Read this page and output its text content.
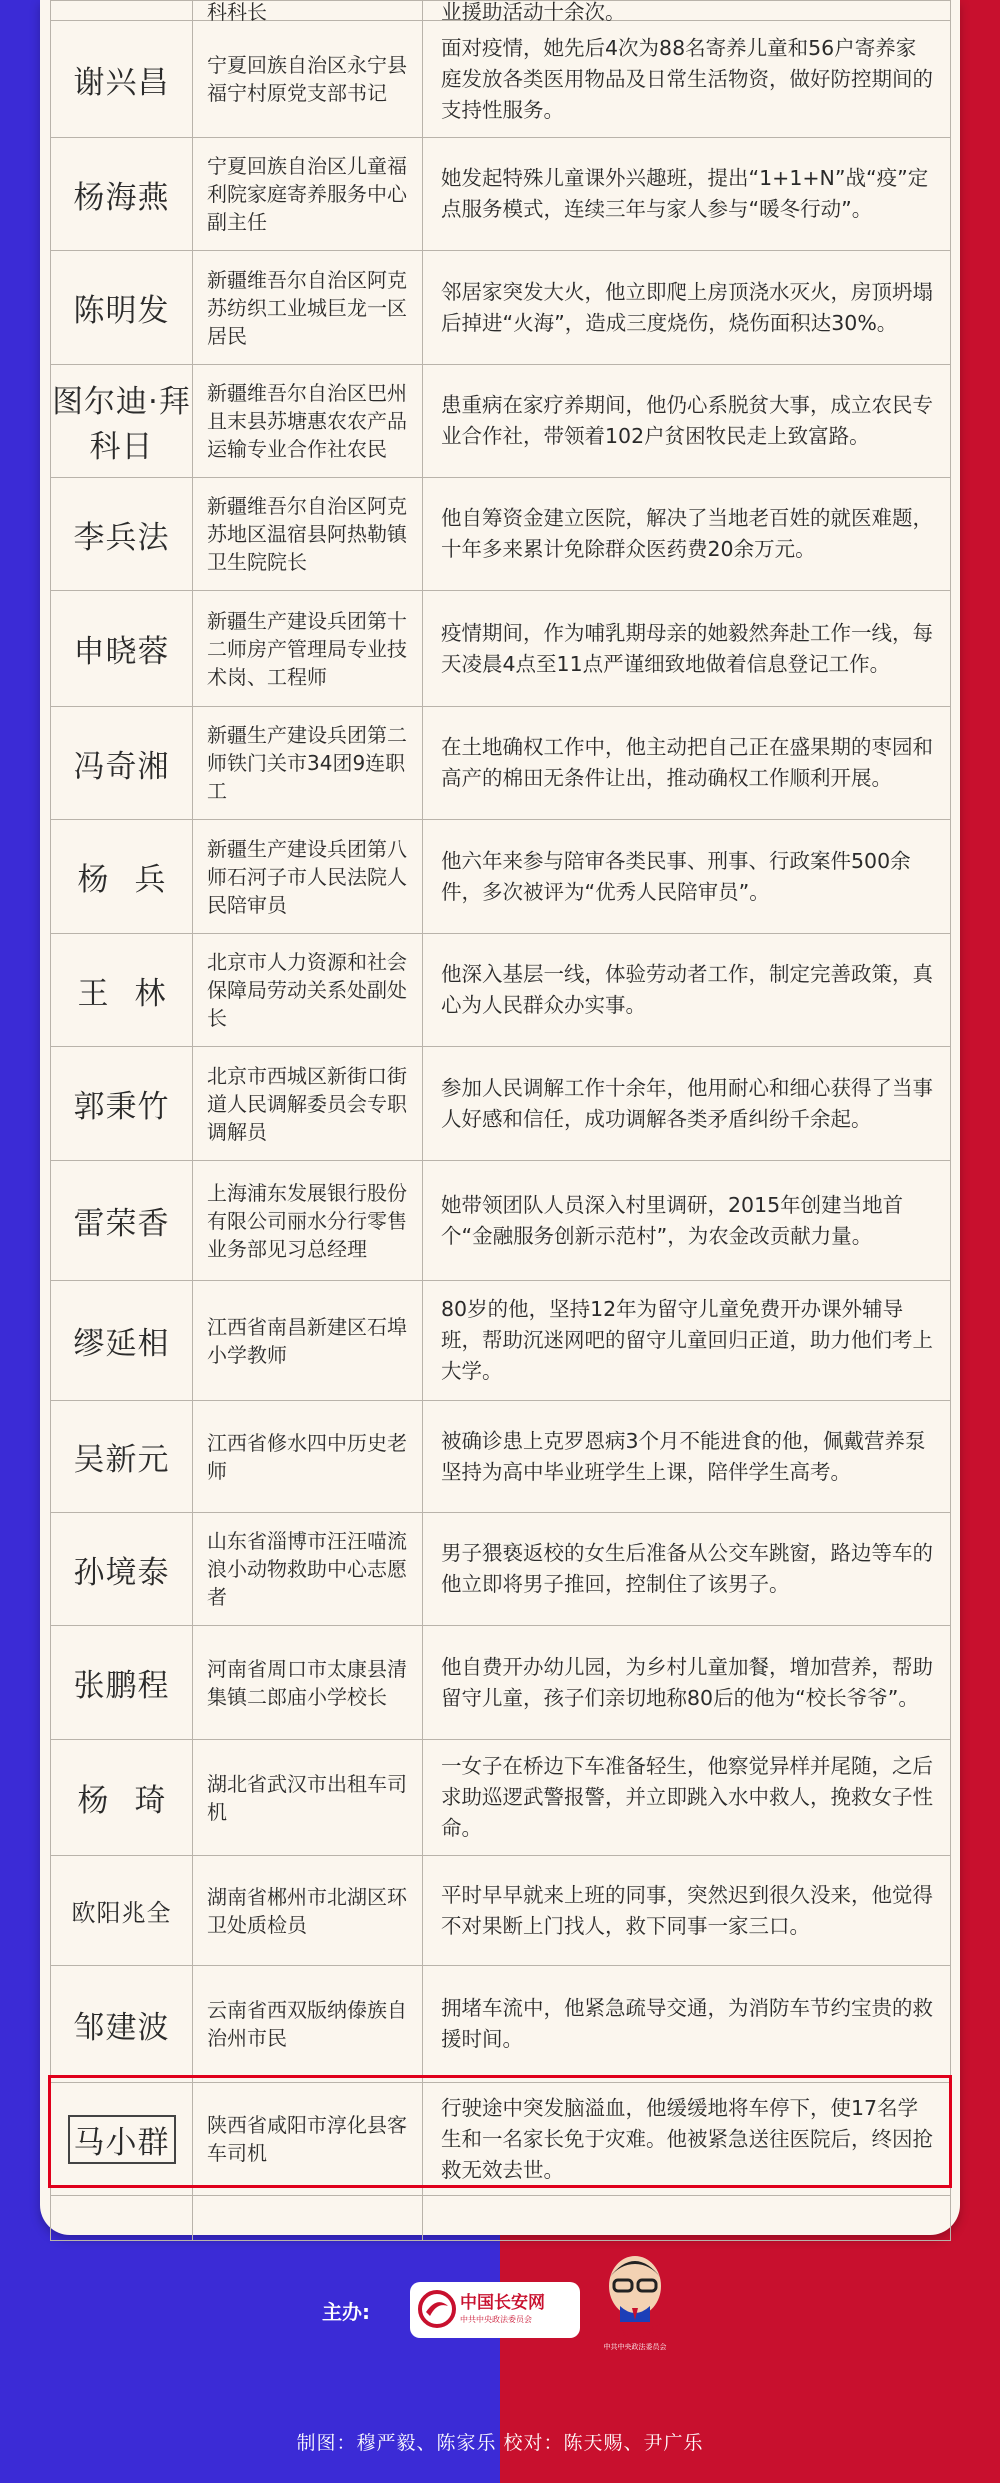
	科科长	业援助活动十余次。
谢兴昌	宁夏回族自治区永宁县福宁村原党支部书记	面对疫情，她先后4次为88名寄养儿童和56户寄养家庭发放各类医用物品及日常生活物资，做好防控期间的支持性服务。
杨海燕	宁夏回族自治区儿童福利院家庭寄养服务中心副主任	她发起特殊儿童课外兴趣班，提出“1+1+N”战“疫”定点服务模式，连续三年与家人参与“暖冬行动”。
陈明发	新疆维吾尔自治区阿克苏纺织工业城巨龙一区居民	邻居家突发大火，他立即爬上房顶浇水灭火，房顶坍塌后掉进“火海”，造成三度烧伤，烧伤面积达30%。
图尔迪·拜科日	新疆维吾尔自治区巴州且末县苏塘惠农农产品运输专业合作社农民	患重病在家疗养期间，他仍心系脱贫大事，成立农民专业合作社，带领着102户贫困牧民走上致富路。
李兵法	新疆维吾尔自治区阿克苏地区温宿县阿热勒镇卫生院院长	他自筹资金建立医院，解决了当地老百姓的就医难题，十年多来累计免除群众医药费20余万元。
申晓蓉	新疆生产建设兵团第十二师房产管理局专业技术岗、工程师	疫情期间，作为哺乳期母亲的她毅然奔赴工作一线，每天凌晨4点至11点严谨细致地做着信息登记工作。
冯奇湘	新疆生产建设兵团第二师铁门关市34团9连职工	在土地确权工作中，他主动把自己正在盛果期的枣园和高产的棉田无条件让出，推动确权工作顺利开展。
杨兵	新疆生产建设兵团第八师石河子市人民法院人民陪审员	他六年来参与陪审各类民事、刑事、行政案件500余件，多次被评为“优秀人民陪审员”。
王林	北京市人力资源和社会保障局劳动关系处副处长	他深入基层一线，体验劳动者工作，制定完善政策，真心为人民群众办实事。
郭秉竹	北京市西城区新街口街道人民调解委员会专职调解员	参加人民调解工作十余年，他用耐心和细心获得了当事人好感和信任，成功调解各类矛盾纠纷千余起。
雷荣香	上海浦东发展银行股份有限公司丽水分行零售业务部见习总经理	她带领团队人员深入村里调研，2015年创建当地首个“金融服务创新示范村”，为农金改贡献力量。
缪延相	江西省南昌新建区石埠小学教师	80岁的他，坚持12年为留守儿童免费开办课外辅导班，帮助沉迷网吧的留守儿童回归正道，助力他们考上大学。
吴新元	江西省修水四中历史老师	被确诊患上克罗恩病3个月不能进食的他，佩戴营养泵坚持为高中毕业班学生上课，陪伴学生高考。
孙境泰	山东省淄博市汪汪喵流浪小动物救助中心志愿者	男子猥亵返校的女生后准备从公交车跳窗，路边等车的他立即将男子推回，控制住了该男子。
张鹏程	河南省周口市太康县清集镇二郎庙小学校长	他自费开办幼儿园，为乡村儿童加餐，增加营养，帮助留守儿童，孩子们亲切地称80后的他为“校长爷爷”。
杨琦	湖北省武汉市出租车司机	一女子在桥边下车准备轻生，他察觉异样并尾随，之后求助巡逻武警报警，并立即跳入水中救人，挽救女子性命。
欧阳兆全	湖南省郴州市北湖区环卫处质检员	平时早早就来上班的同事，突然迟到很久没来，他觉得不对果断上门找人，救下同事一家三口。
邹建波	云南省西双版纳傣族自治州市民	拥堵车流中，他紧急疏导交通，为消防车节约宝贵的救援时间。
马小群	陕西省咸阳市淳化县客车司机	行驶途中突发脑溢血，他缓缓地将车停下，使17名学生和一名家长免于灾难。他被紧急送往医院后，终因抢救无效去世。

主办:	中国长安网
中共中央政法委员会
长安剑
中共中央政法委员会
制图：穆严毅、陈家乐 校对：陈天赐、尹广乐
